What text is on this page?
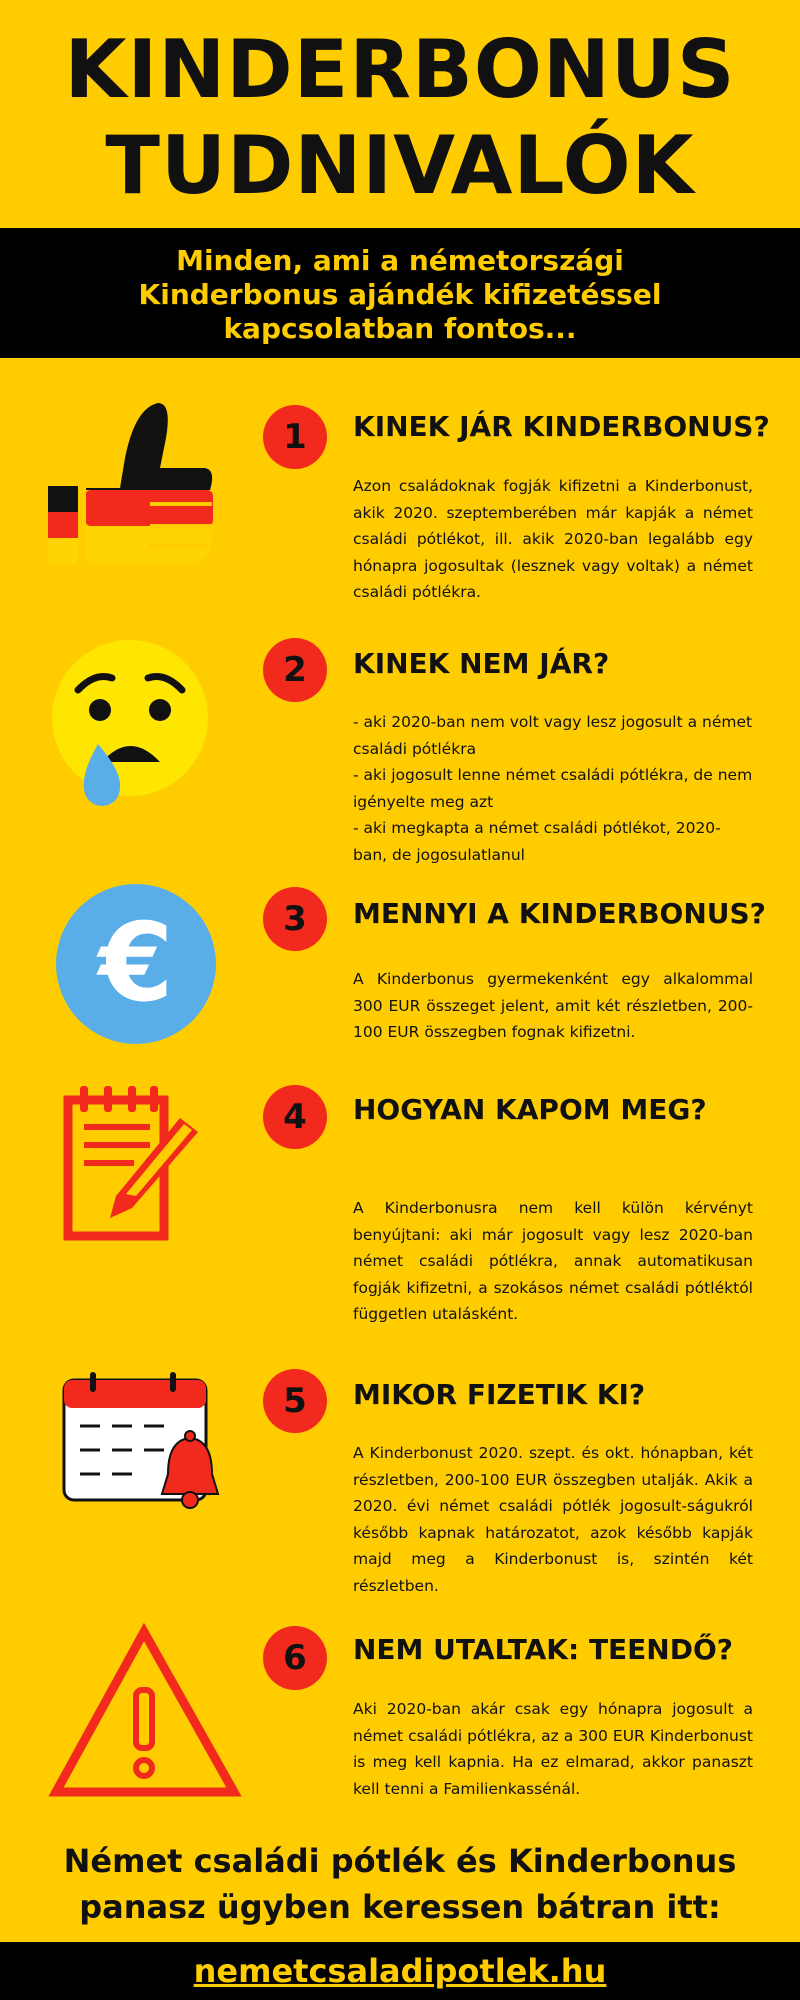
KINDERBONUS
TUDNIVALÓK
Minden, ami a németországi
Kinderbonus ajándék kifizetéssel
kapcsolatban fontos...
1	KINEK JÁR KINDERBONUS?
Azon családoknak fogják kifizetni a Kinderbonust, akik 2020. szeptemberében már kapják a német családi pótlékot, ill. akik 2020-ban legalább egy hónapra jogosultak (lesznek vagy voltak) a német családi pótlékra.
2	KINEK NEM JÁR?
- aki 2020-ban nem volt vagy lesz jogosult a német családi pótlékra
- aki jogosult lenne német családi pótlékra, de nem igényelte meg azt
- aki megkapta a német családi pótlékot, 2020-ban, de jogosulatlanul
€	3	MENNYI A KINDERBONUS?
A Kinderbonus gyermekenként egy alkalommal 300 EUR összeget jelent, amit két részletben, 200-100 EUR összegben fognak kifizetni.
4	HOGYAN KAPOM MEG?
A Kinderbonusra nem kell külön kérvényt benyújtani: aki már jogosult vagy lesz 2020-ban német családi pótlékra, annak automatikusan fogják kifizetni, a szokásos német családi pótléktól független utalásként.
5	MIKOR FIZETIK KI?
A Kinderbonust 2020. szept. és okt. hónapban, két részletben, 200-100 EUR összegben utalják. Akik a 2020. évi német családi pótlék jogosult-ságukról később kapnak határozatot, azok később kapják majd meg a Kinderbonust is, szintén két részletben.
6	NEM UTALTAK: TEENDŐ?
Aki 2020-ban akár csak egy hónapra jogosult a német családi pótlékra, az a 300 EUR Kinderbonust is meg kell kapnia. Ha ez elmarad, akkor panaszt kell tenni a Familienkassénál.
Német családi pótlék és Kinderbonus
panasz ügyben keressen bátran itt:
nemetcsaladipotlek.hu
